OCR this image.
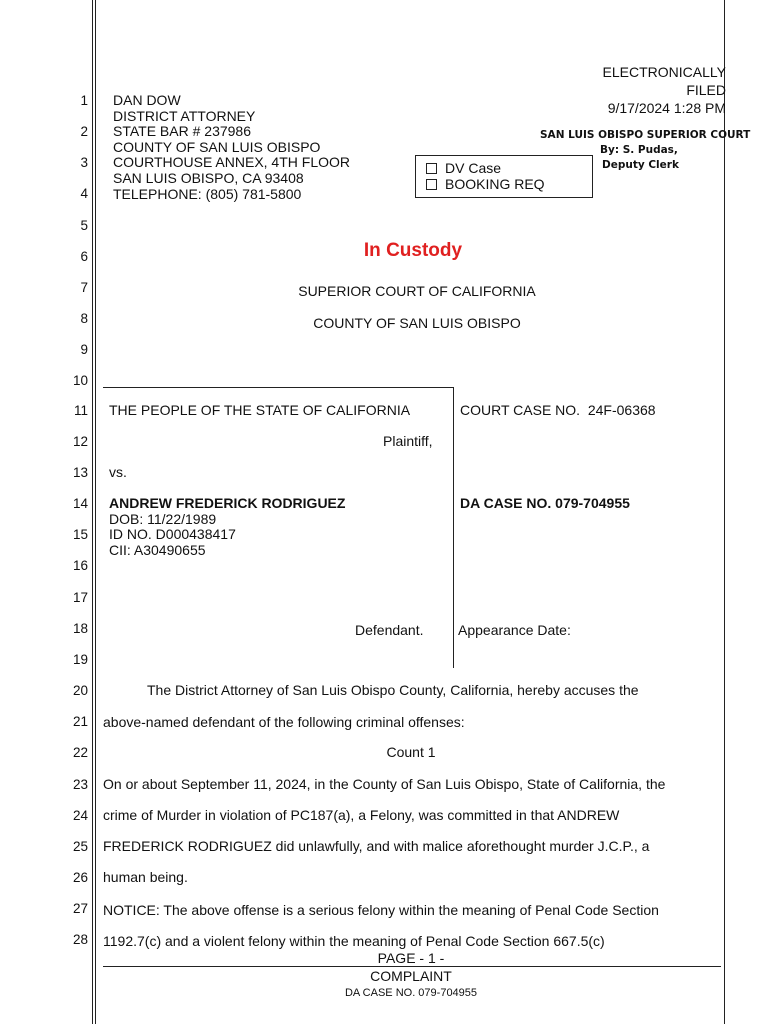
1
2
3
4
5
6
7
8
9
10
11
12
13
14
15
16
17
18
19
20
21
22
23
24
25
26
27
28
DAN DOW
DISTRICT ATTORNEY
STATE BAR # 237986
COUNTY OF SAN LUIS OBISPO
COURTHOUSE ANNEX, 4TH FLOOR
SAN LUIS OBISPO, CA 93408
TELEPHONE: (805) 781-5800
ELECTRONICALLY
FILED
9/17/2024 1:28 PM
SAN LUIS OBISPO SUPERIOR COURT
By: S. Pudas,
Deputy Clerk
DV Case
BOOKING REQ
In Custody
SUPERIOR COURT OF CALIFORNIA
COUNTY OF SAN LUIS OBISPO
THE PEOPLE OF THE STATE OF CALIFORNIA
Plaintiff,
vs.
ANDREW FREDERICK RODRIGUEZ
DOB: 11/22/1989
ID NO. D000438417
CII: A30490655
Defendant.
COURT CASE NO. 24F-06368
DA CASE NO. 079-704955
Appearance Date:
The District Attorney of San Luis Obispo County, California, hereby accuses the
above-named defendant of the following criminal offenses:
Count 1
On or about September 11, 2024, in the County of San Luis Obispo, State of California, the
crime of Murder in violation of PC187(a), a Felony, was committed in that ANDREW
FREDERICK RODRIGUEZ did unlawfully, and with malice aforethought murder J.C.P., a
human being.
NOTICE: The above offense is a serious felony within the meaning of Penal Code Section
1192.7(c) and a violent felony within the meaning of Penal Code Section 667.5(c)
PAGE - 1 -
COMPLAINT
DA CASE NO. 079-704955
